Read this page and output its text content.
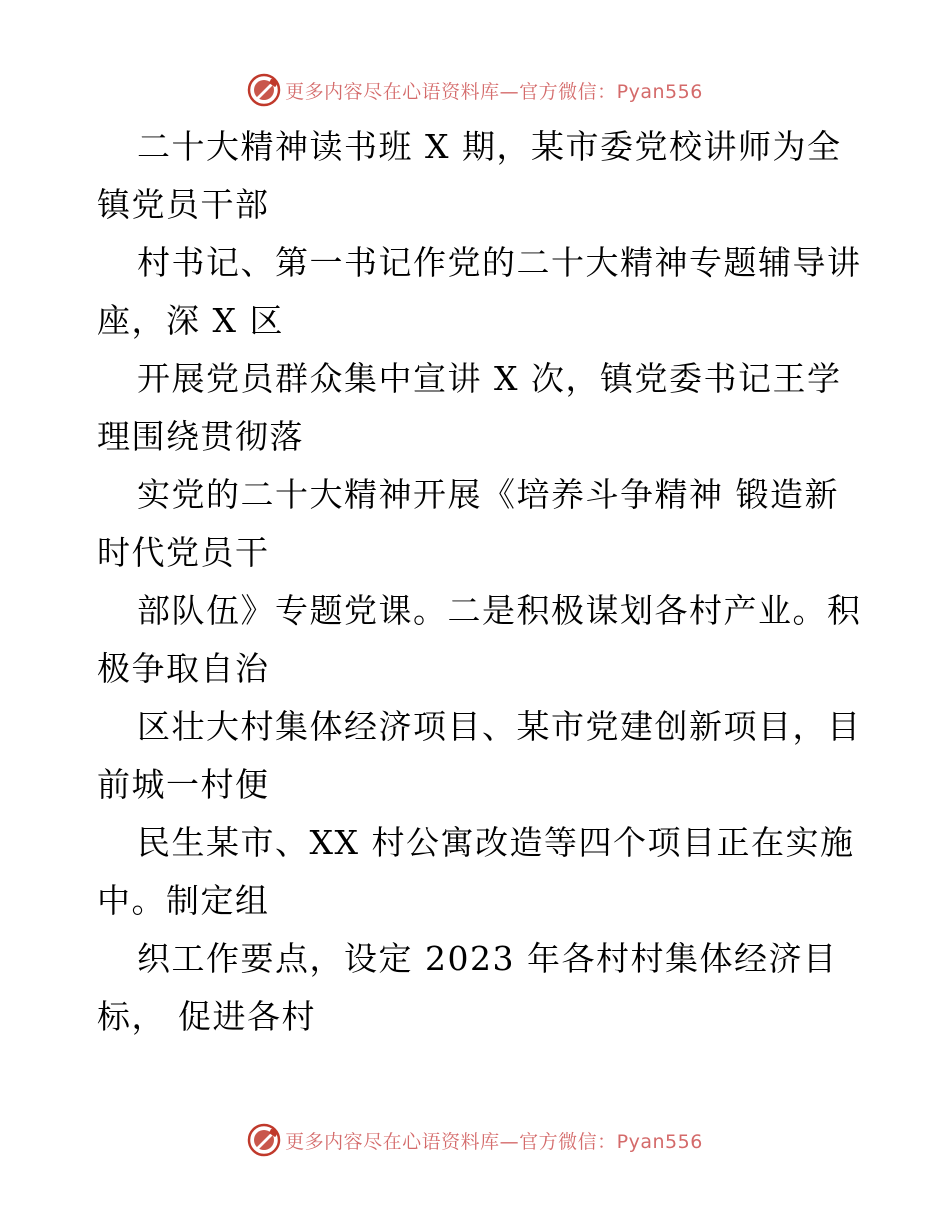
更多内容尽在心语资料库—官方微信：Pyan556
二十大精神读书班 X 期，某市委党校讲师为全
镇党员干部
村书记、第一书记作党的二十大精神专题辅导讲
座，深 X 区
开展党员群众集中宣讲 X 次，镇党委书记王学
理围绕贯彻落
实党的二十大精神开展《培养斗争精神 锻造新
时代党员干
部队伍》专题党课。二是积极谋划各村产业。积
极争取自治
区壮大村集体经济项目、某市党建创新项目，目
前城一村便
民生某市、XX 村公寓改造等四个项目正在实施
中。制定组
织工作要点，设定 2023 年各村村集体经济目
标， 促进各村
更多内容尽在心语资料库—官方微信：Pyan556
